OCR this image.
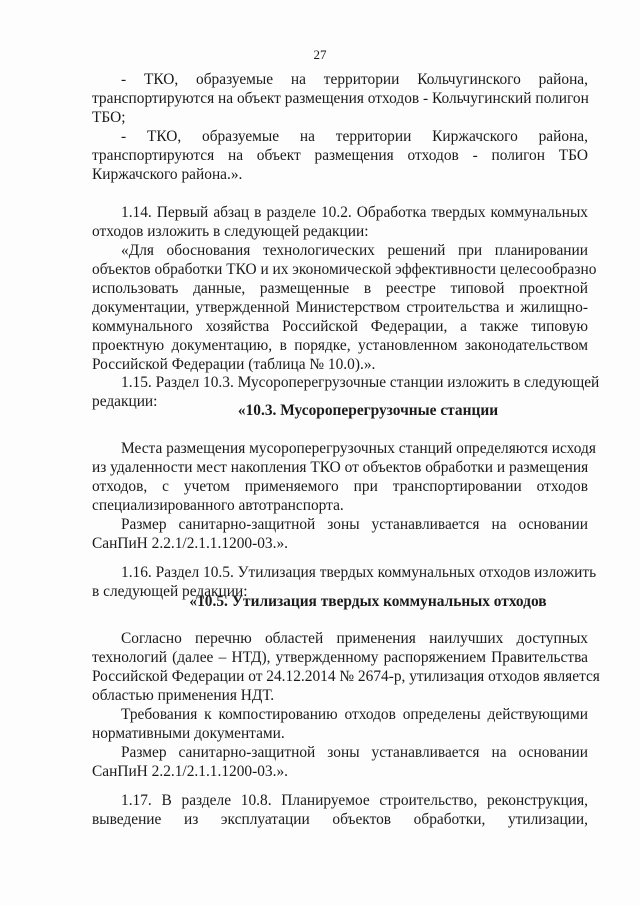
27

- ТКО, образуемые на территории Кольчугинского района,

транспортируются на объект размещения отходов - Кольчугинский полигон

ТБО;

- ТКО, образуемые на территории Киржачского района,

транспортируются на объект размещения отходов - полигон ТБО

Киржачского района.».

1.14. Первый абзац в разделе 10.2. Обработка твердых коммунальных

отходов изложить в следующей редакции:

«Для обоснования технологических решений при планировании

объектов обработки ТКО и их экономической эффективности целесообразно

использовать данные, размещенные в реестре типовой проектной

документации, утвержденной Министерством строительства и жилищно-

коммунального хозяйства Российской Федерации, а также типовую

проектную документацию, в порядке, установленном законодательством

Российской Федерации (таблица № 10.0).».

1.15. Раздел 10.3. Мусороперегрузочные станции изложить в следующей

редакции:

«10.3. Мусороперегрузочные станции

Места размещения мусороперегрузочных станций определяются исходя

из удаленности мест накопления ТКО от объектов обработки и размещения

отходов, с учетом применяемого при транспортировании отходов

специализированного автотранспорта.

Размер санитарно-защитной зоны устанавливается на основании

СанПиН 2.2.1/2.1.1.1200-03.».

1.16. Раздел 10.5. Утилизация твердых коммунальных отходов изложить

в следующей редакции:

«10.5. Утилизация твердых коммунальных отходов

Согласно перечню областей применения наилучших доступных

технологий (далее – НТД), утвержденному распоряжением Правительства

Российской Федерации от 24.12.2014 № 2674-р, утилизация отходов является

областью применения НДТ.

Требования к компостированию отходов определены действующими

нормативными документами.

Размер санитарно-защитной зоны устанавливается на основании

СанПиН 2.2.1/2.1.1.1200-03.».

1.17. В разделе 10.8. Планируемое строительство, реконструкция,

выведение из эксплуатации объектов обработки, утилизации,
